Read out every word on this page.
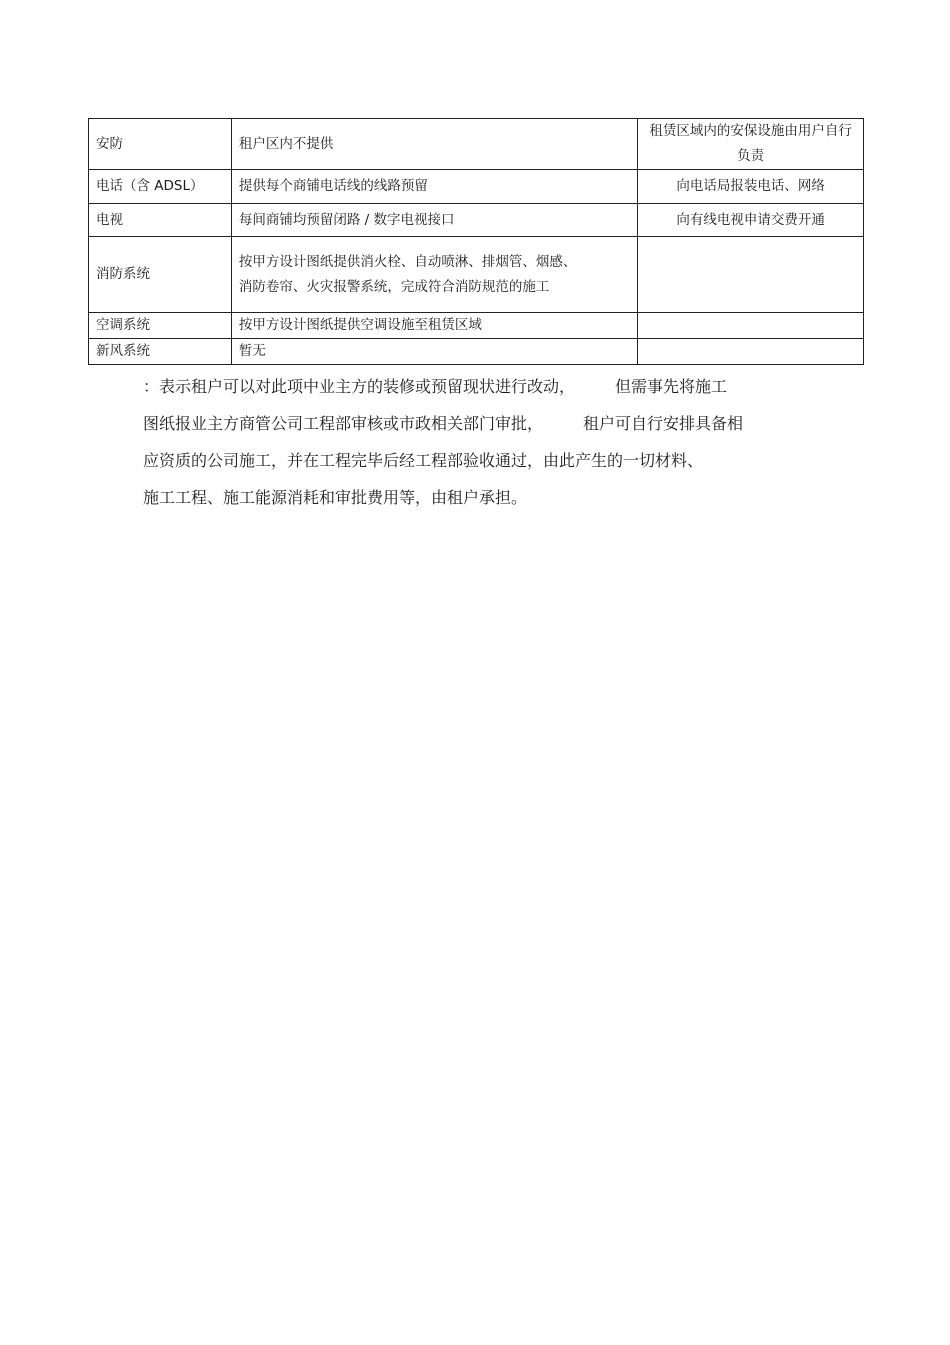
安防	租户区内不提供	租赁区域内的安保设施由用户自行负责
电话（含 ADSL）	提供每个商铺电话线的线路预留	向电话局报装电话、网络
电视	每间商铺均预留闭路 / 数字电视接口	向有线电视申请交费开通
消防系统	按甲方设计图纸提供消火栓、自动喷淋、排烟管、烟感、消防卷帘、火灾报警系统，完成符合消防规范的施工	
空调系统	按甲方设计图纸提供空调设施至租赁区域	
新风系统	暂无	

：表示租户可以对此项中业主方的装修或预留现状进行改动，	但需事先将施工

图纸报业主方商管公司工程部审核或市政相关部门审批，	租户可自行安排具备相

应资质的公司施工，并在工程完毕后经工程部验收通过，由此产生的一切材料、

施工工程、施工能源消耗和审批费用等，由租户承担。
